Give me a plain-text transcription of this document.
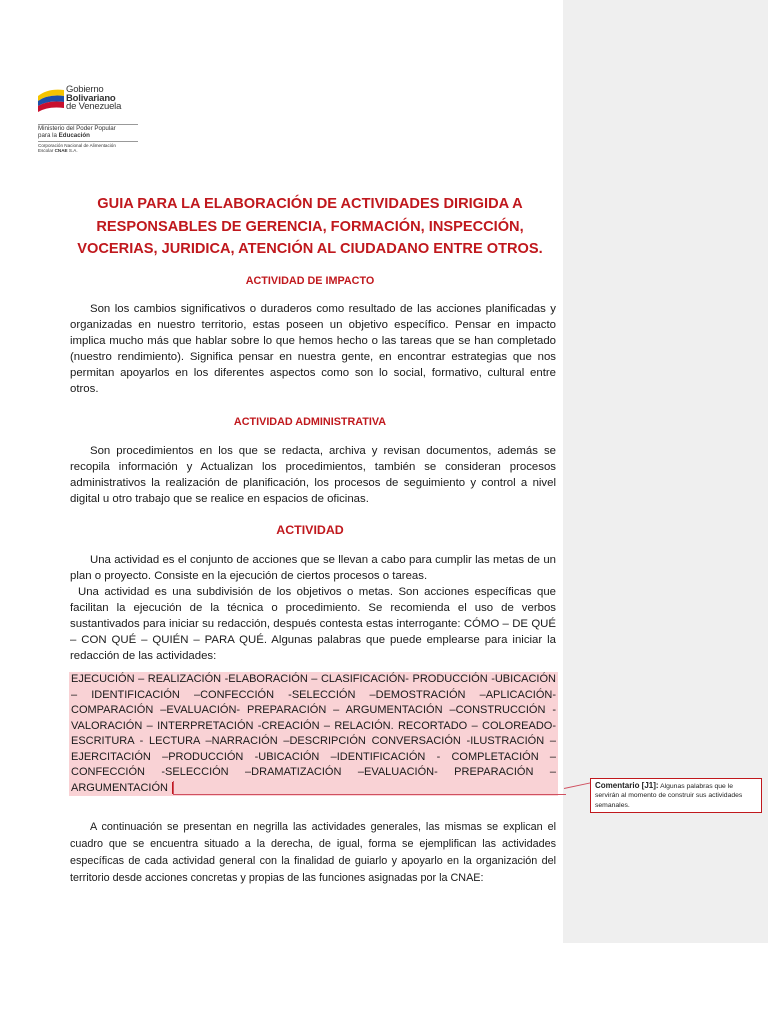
Gobierno
Bolivariano
de Venezuela
Ministerio del Poder Popular
para la Educación
Corporación Nacional de Alimentación
Escolar CNAE S.A.
GUIA PARA LA ELABORACIÓN DE ACTIVIDADES DIRIGIDA A
RESPONSABLES DE GERENCIA, FORMACIÓN, INSPECCIÓN,
VOCERIAS, JURIDICA, ATENCIÓN AL CIUDADANO ENTRE OTROS.
ACTIVIDAD DE IMPACTO
Son los cambios significativos o duraderos como resultado de las acciones planificadas y organizadas en nuestro territorio, estas poseen un objetivo específico. Pensar en impacto implica mucho más que hablar sobre lo que hemos hecho o las tareas que se han completado (nuestro rendimiento). Significa pensar en nuestra gente, en encontrar estrategias que nos permitan apoyarlos en los diferentes aspectos como son lo social, formativo, cultural entre otros.
ACTIVIDAD ADMINISTRATIVA
Son procedimientos en los que se redacta, archiva y revisan documentos, además se recopila información y Actualizan los procedimientos, también se consideran procesos administrativos la realización de planificación, los procesos de seguimiento y control a nivel digital u otro trabajo que se realice en espacios de oficinas.
ACTIVIDAD
Una actividad es el conjunto de acciones que se llevan a cabo para cumplir las metas de un plan o proyecto. Consiste en la ejecución de ciertos procesos o tareas.
Una actividad es una subdivisión de los objetivos o metas. Son acciones específicas que facilitan la ejecución de la técnica o procedimiento. Se recomienda el uso de verbos sustantivados para iniciar su redacción, después contesta estas interrogante: CÓMO – DE QUÉ – CON QUÉ – QUIÉN – PARA QUÉ. Algunas palabras que puede emplearse para iniciar la redacción de las actividades:
EJECUCIÓN – REALIZACIÓN -ELABORACIÓN – CLASIFICACIÓN- PRODUCCIÓN -UBICACIÓN – IDENTIFICACIÓN –CONFECCIÓN -SELECCIÓN –DEMOSTRACIÓN –APLICACIÓN- COMPARACIÓN –EVALUACIÓN- PREPARACIÓN – ARGUMENTACIÓN –CONSTRUCCIÓN - VALORACIÓN – INTERPRETACIÓN -CREACIÓN – RELACIÓN. RECORTADO – COLOREADO- ESCRITURA - LECTURA –NARRACIÓN –DESCRIPCIÓN CONVERSACIÓN -ILUSTRACIÓN – EJERCITACIÓN –PRODUCCIÓN -UBICACIÓN –IDENTIFICACIÓN - COMPLETACIÓN – CONFECCIÓN -SELECCIÓN –DRAMATIZACIÓN –EVALUACIÓN- PREPARACIÓN – ARGUMENTACIÓN	Comentario [J1]: Algunas palabras que le servirán al momento de construir sus actividades semanales.
A continuación se presentan en negrilla las actividades generales, las mismas se explican el cuadro que se encuentra situado a la derecha, de igual, forma se ejemplifican las actividades específicas de cada actividad general con la finalidad de guiarlo y apoyarlo en la organización del territorio desde acciones concretas y propias de las funciones asignadas por la CNAE:
